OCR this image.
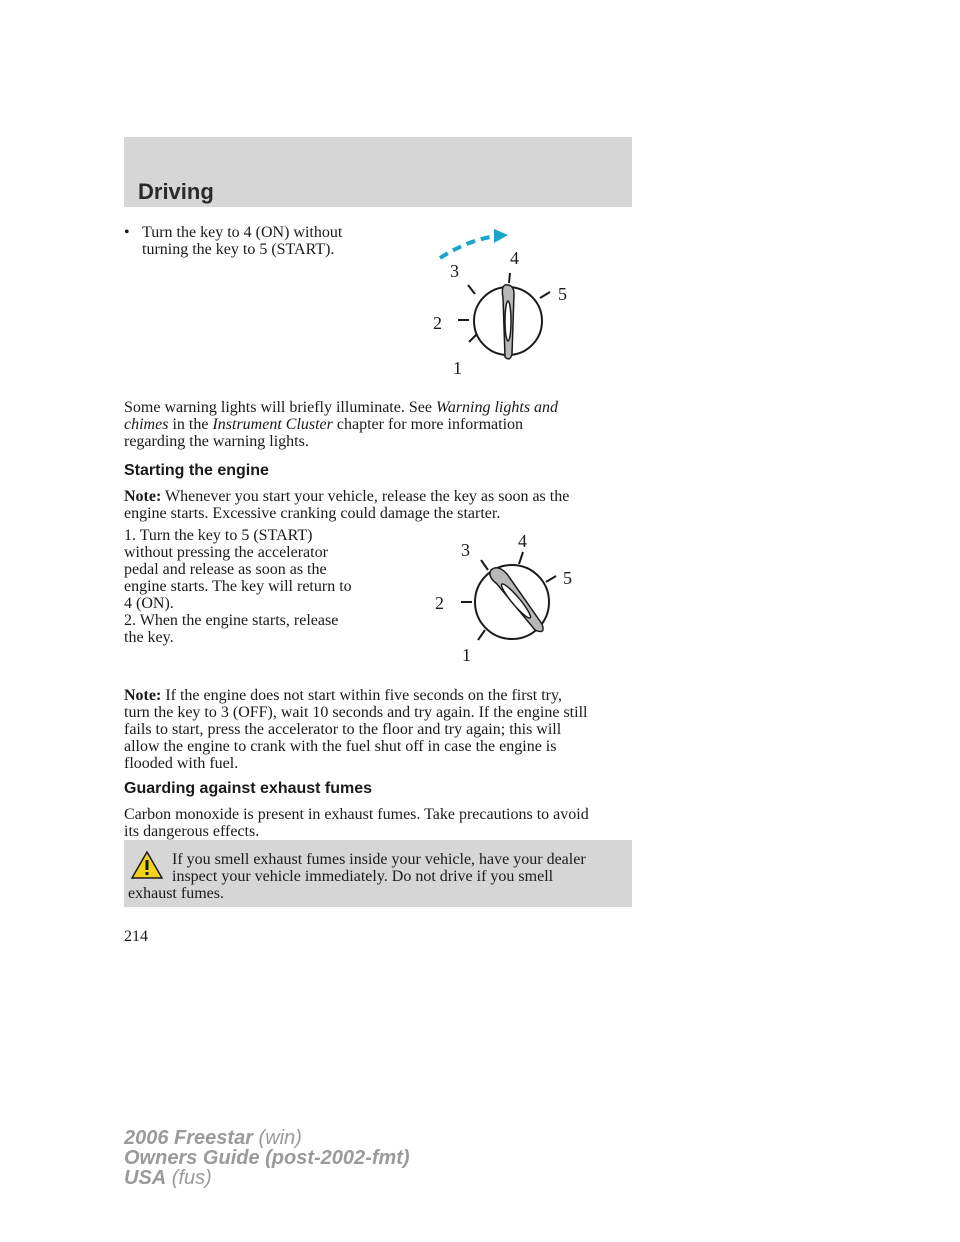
Driving
• Turn the key to 4 (ON) without
turning the key to 5 (START).
1
2
3
4
5
Some warning lights will briefly illuminate. See Warning lights and
chimes in the Instrument Cluster chapter for more information
regarding the warning lights.
Starting the engine
Note: Whenever you start your vehicle, release the key as soon as the
engine starts. Excessive cranking could damage the starter.
1. Turn the key to 5 (START)
without pressing the accelerator
pedal and release as soon as the
engine starts. The key will return to
4 (ON).
2. When the engine starts, release
the key.
1
2
3	4
5
Note: If the engine does not start within five seconds on the first try,
turn the key to 3 (OFF), wait 10 seconds and try again. If the engine still
fails to start, press the accelerator to the floor and try again; this will
allow the engine to crank with the fuel shut off in case the engine is
flooded with fuel.
Guarding against exhaust fumes
Carbon monoxide is present in exhaust fumes. Take precautions to avoid
its dangerous effects.
If you smell exhaust fumes inside your vehicle, have your dealer
inspect your vehicle immediately. Do not drive if you smell
exhaust fumes.
214
2006 Freestar (win)
Owners Guide (post-2002-fmt)
USA (fus)
